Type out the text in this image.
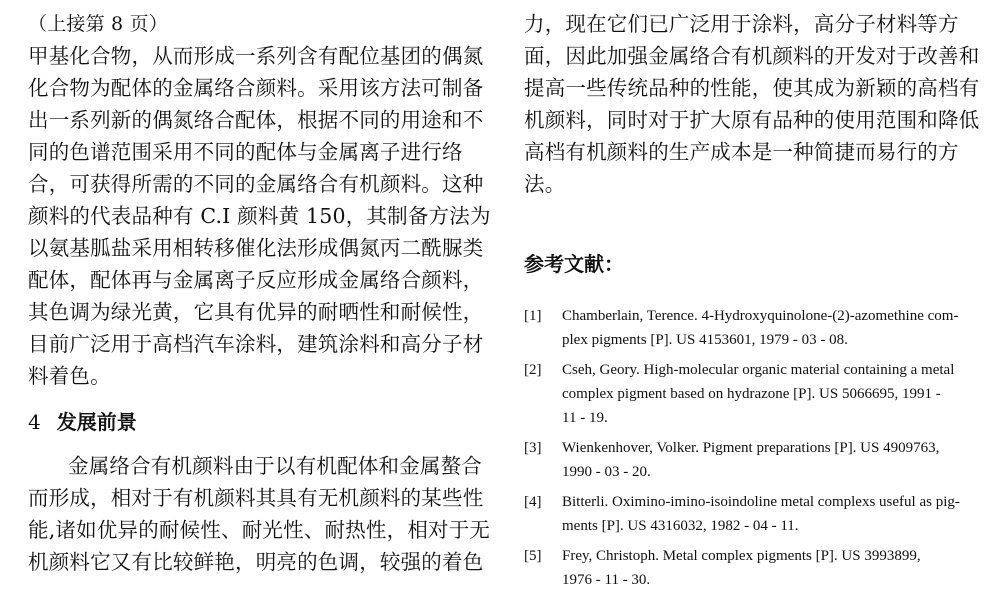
（上接第 8 页）
甲基化合物，从而形成一系列含有配位基团的偶氮
化合物为配体的金属络合颜料。采用该方法可制备
出一系列新的偶氮络合配体，根据不同的用途和不
同的色谱范围采用不同的配体与金属离子进行络
合，可获得所需的不同的金属络合有机颜料。这种
颜料的代表品种有 C.I 颜料黄 150，其制备方法为
以氨基胍盐采用相转移催化法形成偶氮丙二酰脲类
配体，配体再与金属离子反应形成金属络合颜料，
其色调为绿光黄，它具有优异的耐晒性和耐候性，
目前广泛用于高档汽车涂料，建筑涂料和高分子材
料着色。
4 发展前景
金属络合有机颜料由于以有机配体和金属螯合
而形成，相对于有机颜料其具有无机颜料的某些性
能,诸如优异的耐候性、耐光性、耐热性，相对于无
机颜料它又有比较鲜艳，明亮的色调，较强的着色
力，现在它们已广泛用于涂料，高分子材料等方
面，因此加强金属络合有机颜料的开发对于改善和
提高一些传统品种的性能，使其成为新颖的高档有
机颜料，同时对于扩大原有品种的使用范围和降低
高档有机颜料的生产成本是一种简捷而易行的方
法。
参考文献：
[1]	Chamberlain, Terence. 4-Hydroxyquinolone-(2)-azomethine com-
plex pigments [P]. US 4153601, 1979 - 03 - 08.
[2]	Cseh, Geory. High-molecular organic material containing a metal
complex pigment based on hydrazone [P]. US 5066695, 1991 -
11 - 19.
[3]	Wienkenhover, Volker. Pigment preparations [P]. US 4909763,
1990 - 03 - 20.
[4]	Bitterli. Oximino-imino-isoindoline metal complexs useful as pig-
ments [P]. US 4316032, 1982 - 04 - 11.
[5]	Frey, Christoph. Metal complex pigments [P]. US 3993899,
1976 - 11 - 30.
